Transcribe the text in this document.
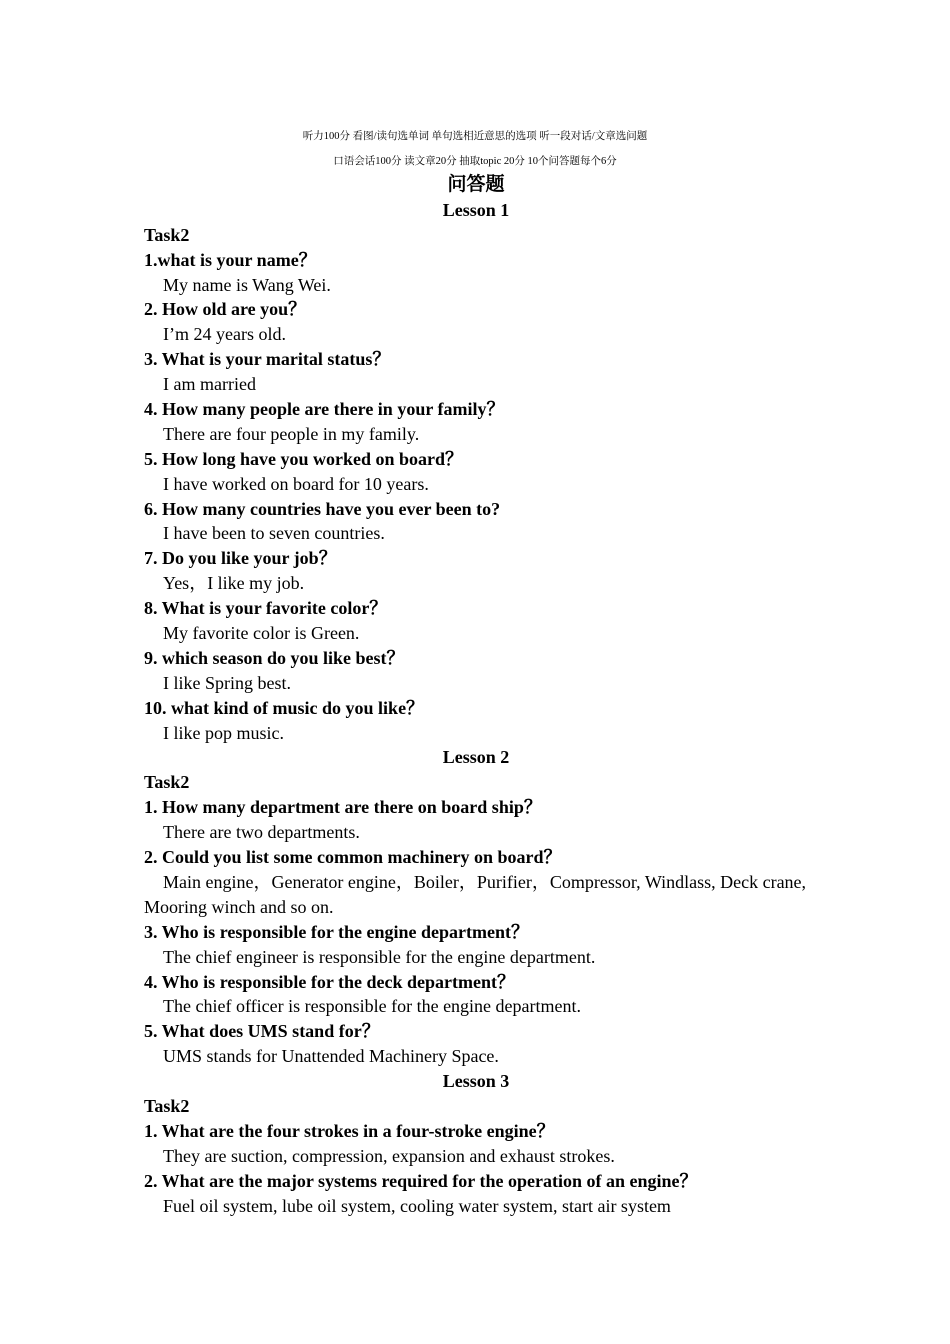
听力100分 看图/读句选单词 单句选相近意思的选项 听一段对话/文章选问题
口语会话100分 读文章20分 抽取topic 20分 10个问答题每个6分
问答题
Lesson 1
Task2
1.what is your name？
My name is Wang Wei.
2. How old are you？
I’m 24 years old.
3. What is your marital status？
I am married
4. How many people are there in your family？
There are four people in my family.
5. How long have you worked on board？
I have worked on board for 10 years.
6. How many countries have you ever been to?
I have been to seven countries.
7. Do you like your job？
Yes，I like my job.
8. What is your favorite color？
My favorite color is Green.
9. which season do you like best？
I like Spring best.
10. what kind of music do you like？
I like pop music.
Lesson 2
Task2
1. How many department are there on board ship？
There are two departments.
2. Could you list some common machinery on board？
Main engine，Generator engine，Boiler，Purifier，Compressor, Windlass, Deck crane, Mooring winch and so on.
3. Who is responsible for the engine department？
The chief engineer is responsible for the engine department.
4. Who is responsible for the deck department？
The chief officer is responsible for the engine department.
5. What does UMS stand for？
UMS stands for Unattended Machinery Space.
Lesson 3
Task2
1. What are the four strokes in a four-stroke engine？
They are suction, compression, expansion and exhaust strokes.
2. What are the major systems required for the operation of an engine？
Fuel oil system, lube oil system, cooling water system, start air system
